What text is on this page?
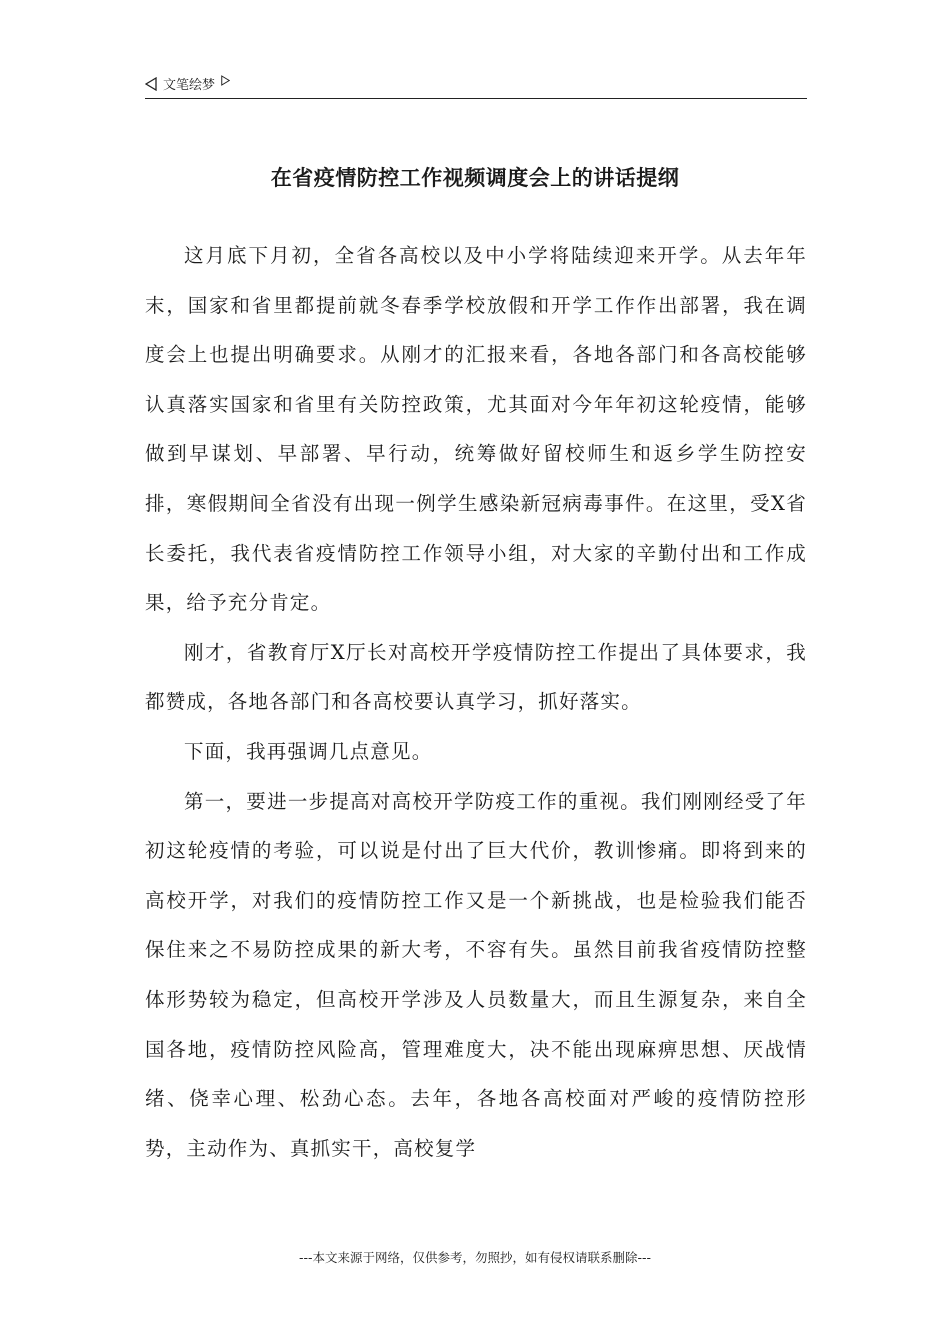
文笔绘梦
在省疫情防控工作视频调度会上的讲话提纲

这月底下月初，全省各高校以及中小学将陆续迎来开学。从去年年末，国家和省里都提前就冬春季学校放假和开学工作作出部署，我在调度会上也提出明确要求。从刚才的汇报来看，各地各部门和各高校能够认真落实国家和省里有关防控政策，尤其面对今年年初这轮疫情，能够做到早谋划、早部署、早行动，统筹做好留校师生和返乡学生防控安排，寒假期间全省没有出现一例学生感染新冠病毒事件。在这里，受X省长委托，我代表省疫情防控工作领导小组，对大家的辛勤付出和工作成果，给予充分肯定。

刚才，省教育厅X厅长对高校开学疫情防控工作提出了具体要求，我都赞成，各地各部门和各高校要认真学习，抓好落实。

下面，我再强调几点意见。

第一，要进一步提高对高校开学防疫工作的重视。我们刚刚经受了年初这轮疫情的考验，可以说是付出了巨大代价，教训惨痛。即将到来的高校开学，对我们的疫情防控工作又是一个新挑战，也是检验我们能否保住来之不易防控成果的新大考，不容有失。虽然目前我省疫情防控整体形势较为稳定，但高校开学涉及人员数量大，而且生源复杂，来自全国各地，疫情防控风险高，管理难度大，决不能出现麻痹思想、厌战情绪、侥幸心理、松劲心态。去年，各地各高校面对严峻的疫情防控形势，主动作为、真抓实干，高校复学

---本文来源于网络，仅供参考，勿照抄，如有侵权请联系删除---
